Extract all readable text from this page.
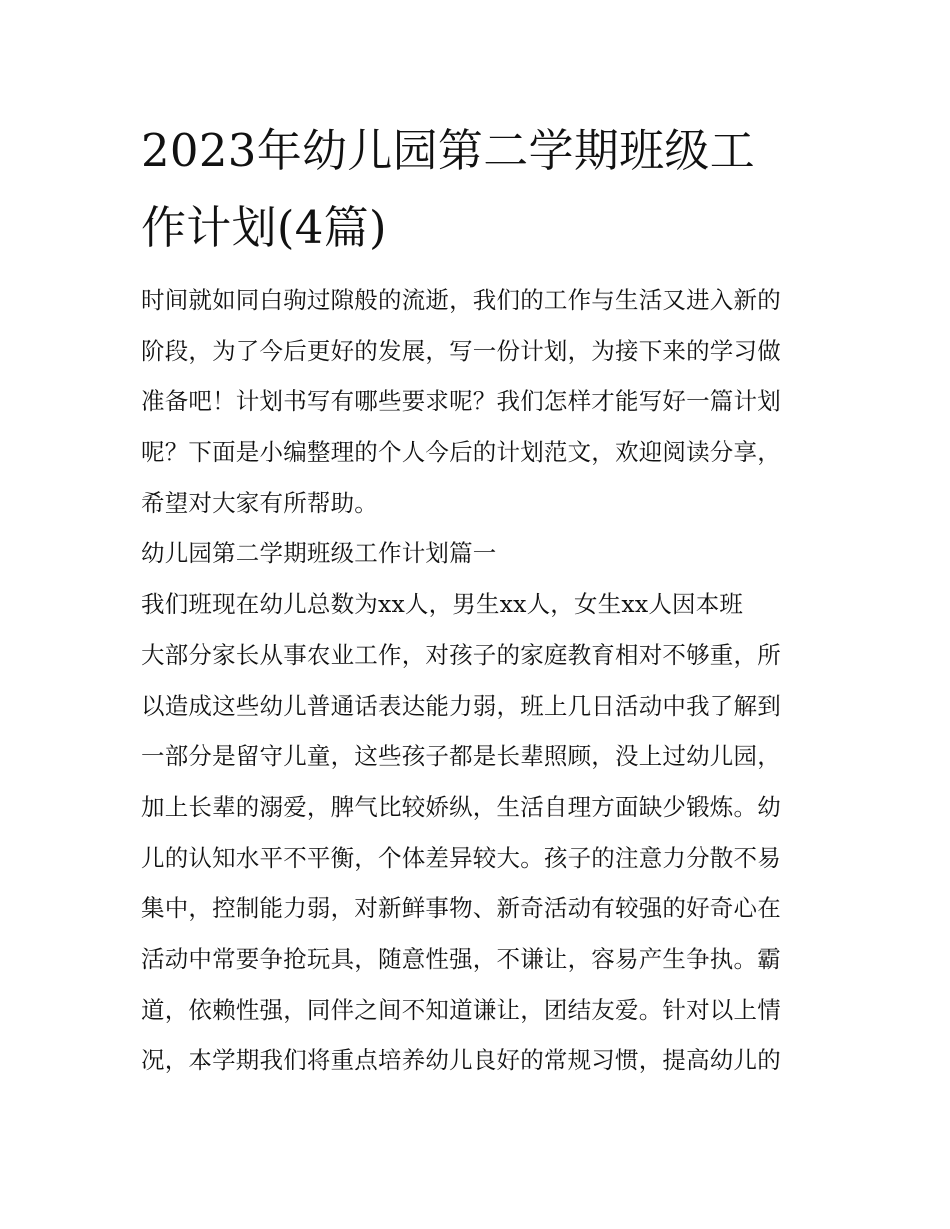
2023年幼儿园第二学期班级工
作计划(4篇)
时间就如同白驹过隙般的流逝，我们的工作与生活又进入新的
阶段，为了今后更好的发展，写一份计划，为接下来的学习做
准备吧！计划书写有哪些要求呢？我们怎样才能写好一篇计划
呢？下面是小编整理的个人今后的计划范文，欢迎阅读分享，
希望对大家有所帮助。
幼儿园第二学期班级工作计划篇一
我们班现在幼儿总数为xx人，男生xx人，女生xx人因本班
大部分家长从事农业工作，对孩子的家庭教育相对不够重，所
以造成这些幼儿普通话表达能力弱，班上几日活动中我了解到
一部分是留守儿童，这些孩子都是长辈照顾，没上过幼儿园，
加上长辈的溺爱，脾气比较娇纵，生活自理方面缺少锻炼。幼
儿的认知水平不平衡，个体差异较大。孩子的注意力分散不易
集中，控制能力弱，对新鲜事物、新奇活动有较强的好奇心在
活动中常要争抢玩具，随意性强，不谦让，容易产生争执。霸
道，依赖性强，同伴之间不知道谦让，团结友爱。针对以上情
况，本学期我们将重点培养幼儿良好的常规习惯，提高幼儿的
